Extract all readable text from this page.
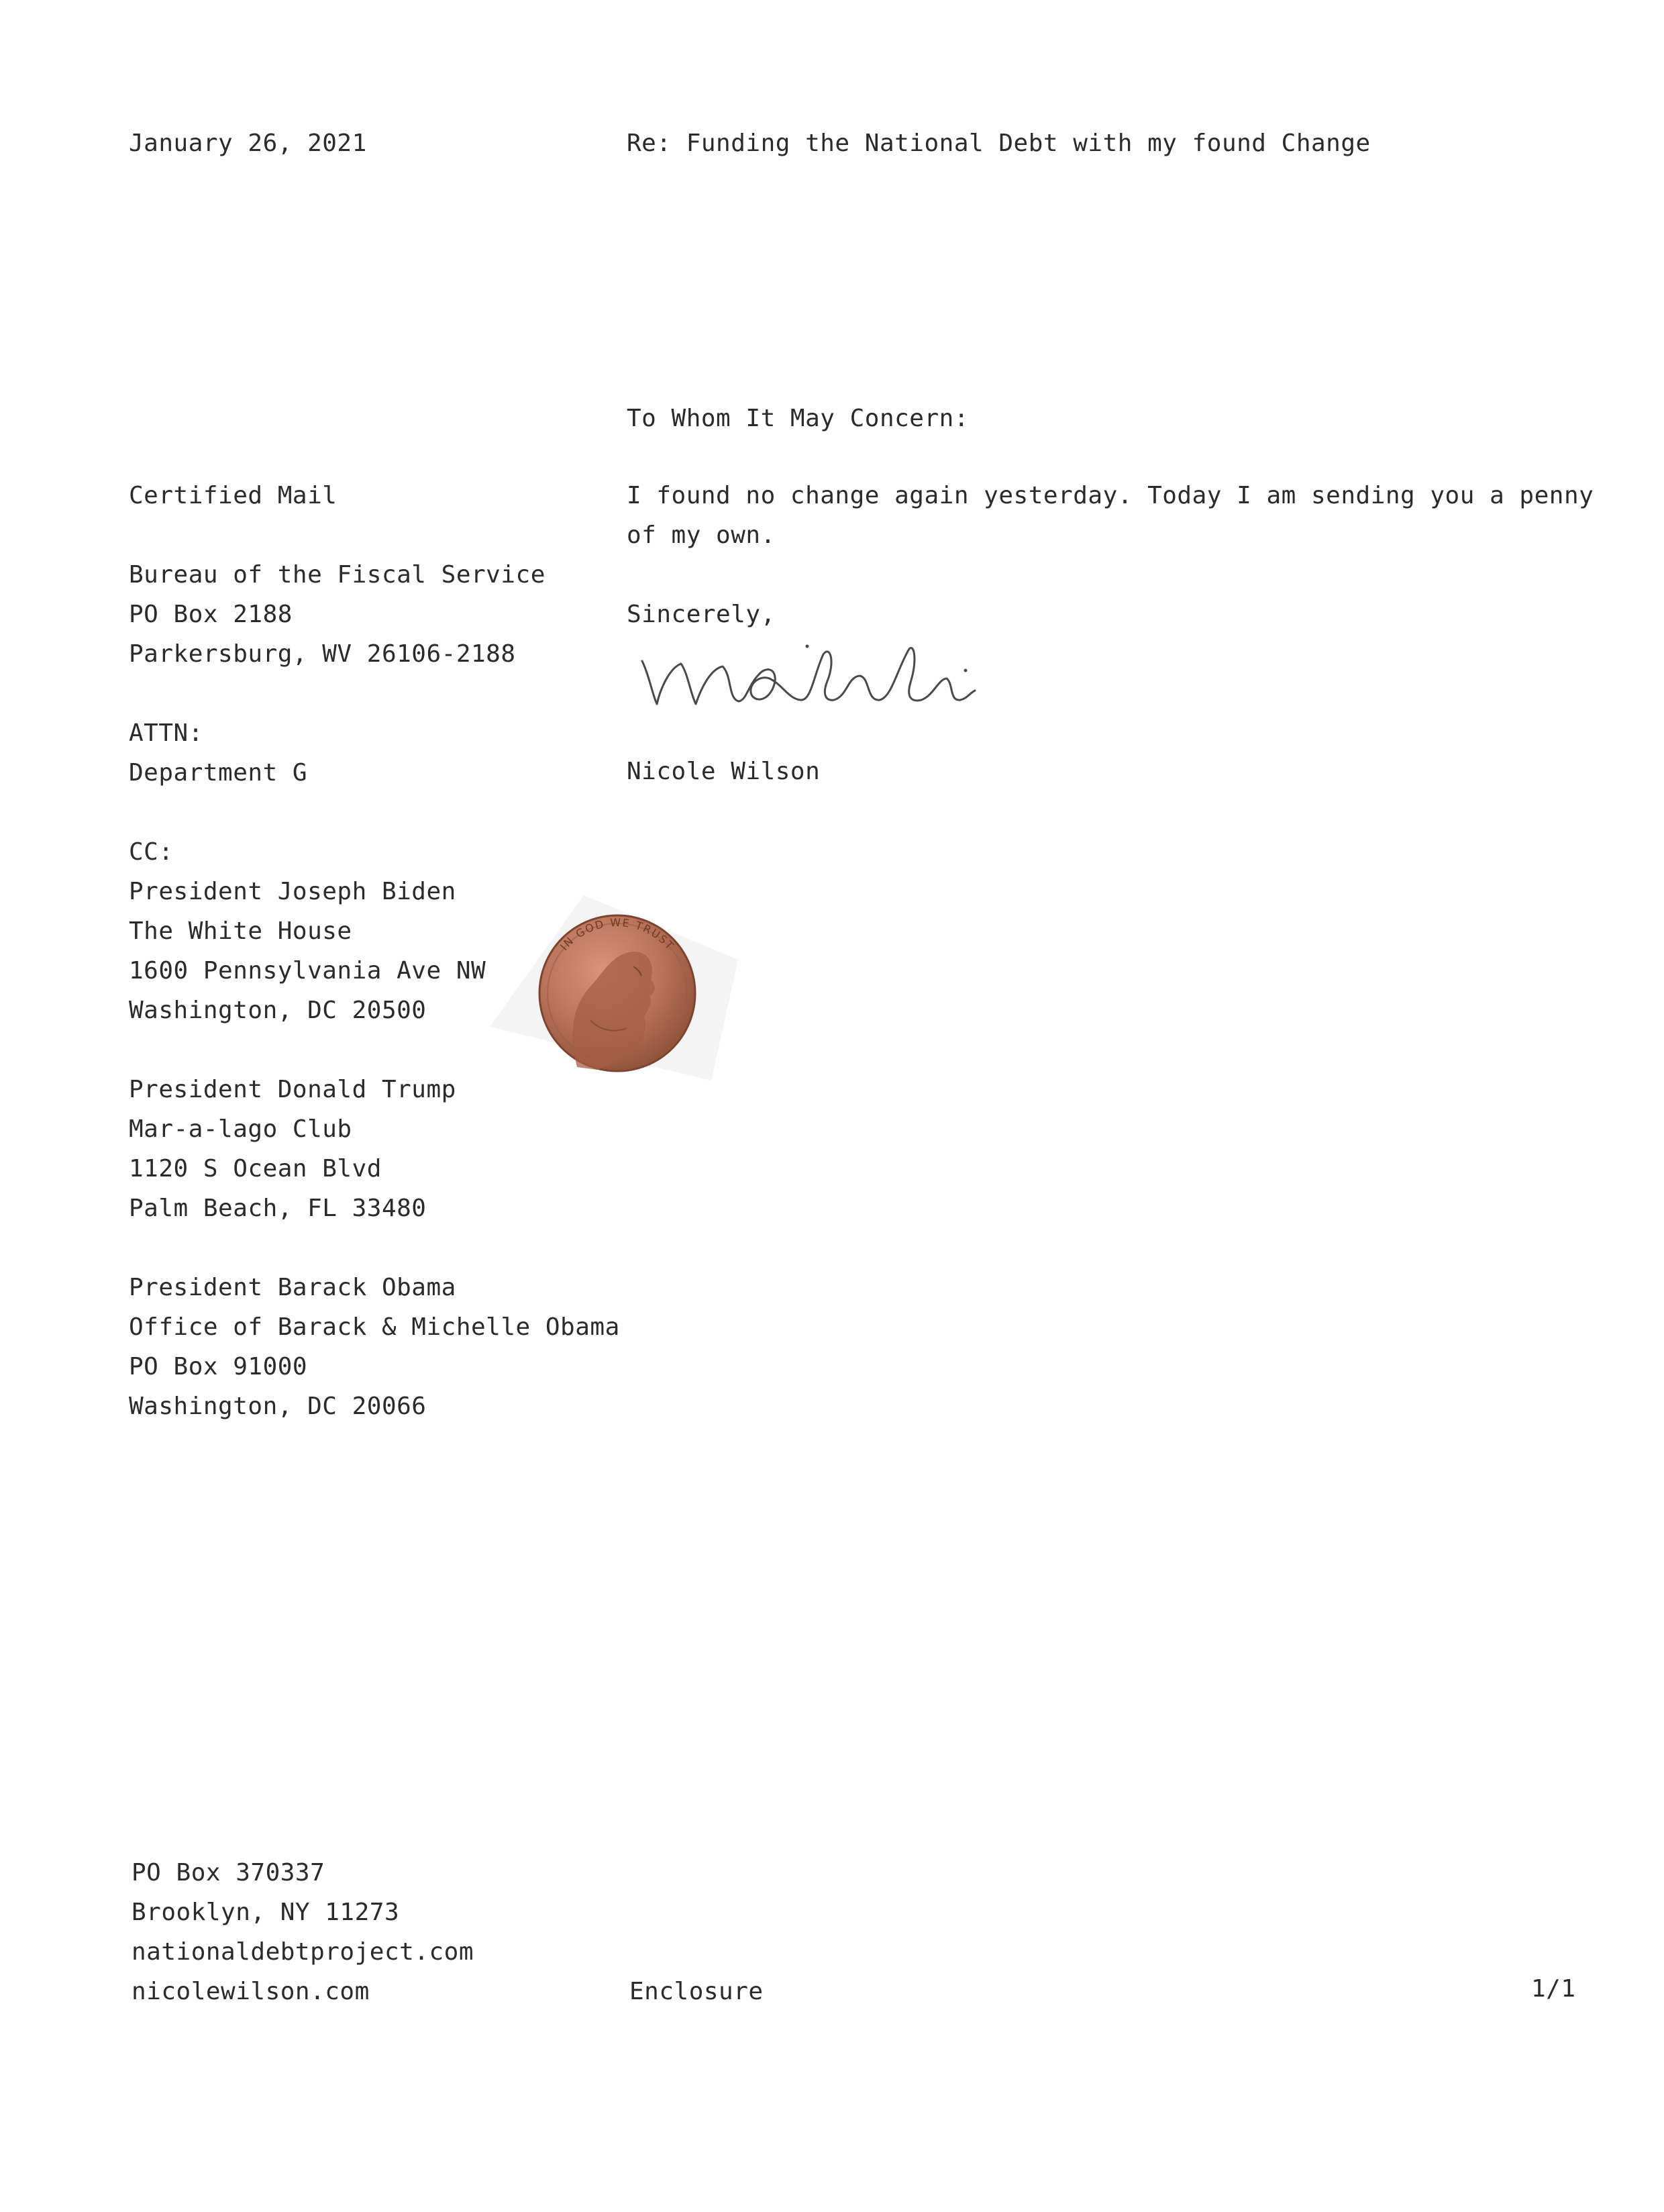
January 26, 2021	Re: Funding the National Debt with my found Change
To Whom It May Concern:
Certified Mail
Bureau of the Fiscal Service
PO Box 2188
Parkersburg, WV 26106-2188
ATTN:
Department G
CC:
President Joseph Biden
The White House
1600 Pennsylvania Ave NW
Washington, DC 20500
President Donald Trump
Mar-a-lago Club
1120 S Ocean Blvd
Palm Beach, FL 33480
President Barack Obama
Office of Barack & Michelle Obama
PO Box 91000
Washington, DC 20066
I found no change again yesterday. Today I am sending you a penny
of my own.
Sincerely,
Nicole Wilson
IN GOD WE TRUST
PO Box 370337
Brooklyn, NY 11273
nationaldebtproject.com
nicolewilson.com	Enclosure	1/1
